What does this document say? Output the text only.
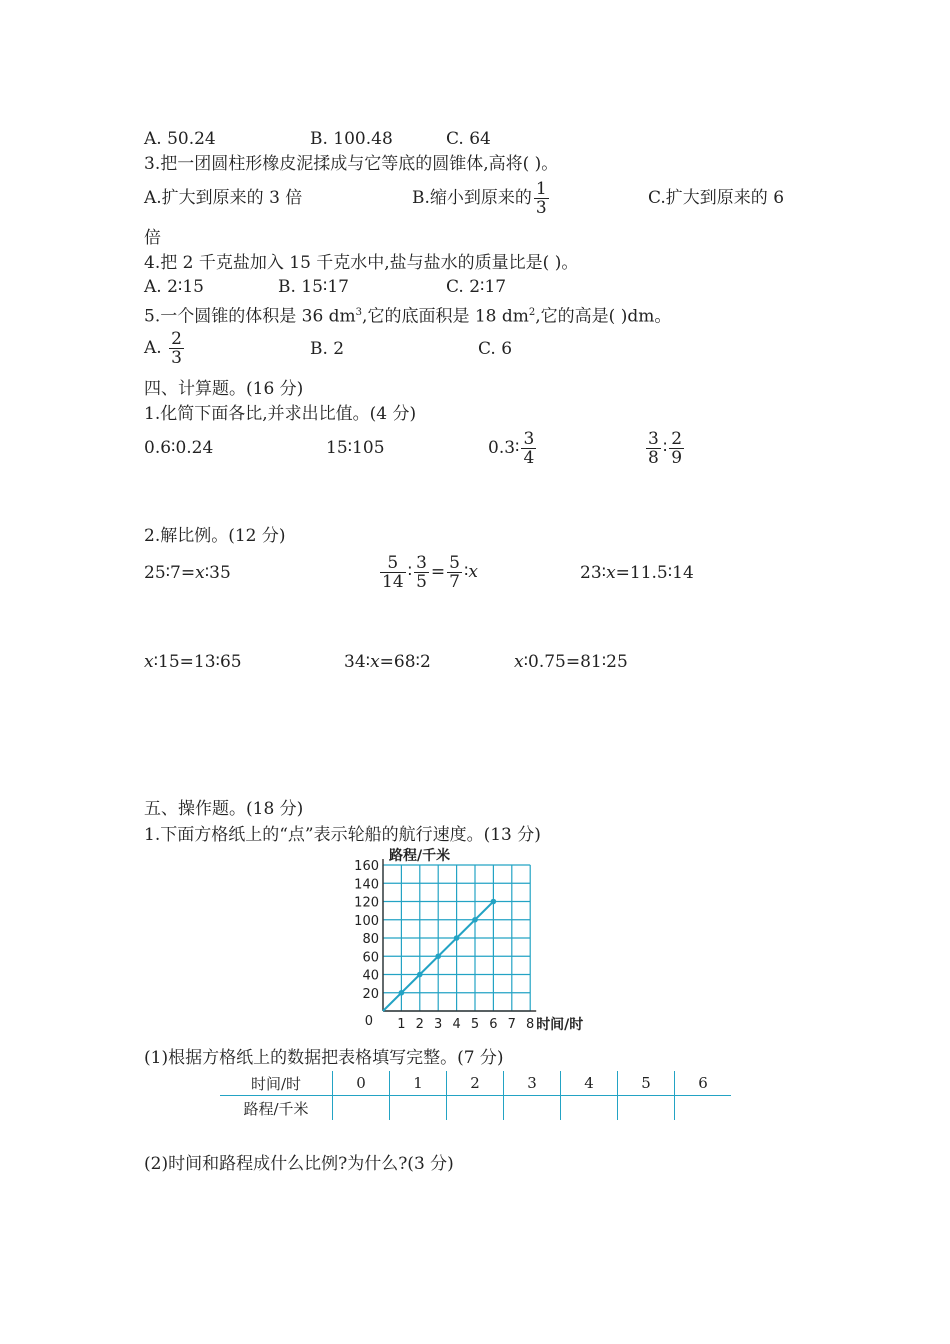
A. 50.24	B. 100.48	C. 64
3.把一团圆柱形橡皮泥揉成与它等底的圆锥体,高将( )。
A.扩大到原来的 3 倍	B.缩小到原来的 $\frac{1}{3}$	C.扩大到原来的 6
倍
4.把 2 千克盐加入 15 千克水中,盐与盐水的质量比是( )。
A. 2∶15	B. 15∶17	C. 2∶17
5.一个圆锥的体积是 36 $dm^3$,它的底面积是 18 $dm^2$,它的高是( )dm。
A. $\frac{2}{3}$	B. 2	C. 6
四、计算题。(16 分)
1.化简下面各比,并求出比值。(4 分)
0.6∶0.24	15∶105	0.3∶ $\frac{3}{4}$	$\frac{3}{8}$ ∶ $\frac{2}{9}$
2.解比例。(12 分)
25∶7=x∶35	$\frac{5}{14}$ ∶ $\frac{3}{5} = \frac{5}{7}$ ∶x	23∶x=11.5∶14
x∶15=13∶65	34∶x=68∶2	x∶0.75=81∶25
五、操作题。(18 分)
1.下面方格纸上的“点”表示轮船的航行速度。(13 分)
1 2 3 4 5 6 7 8
20
40
60
80
100
120
140
160
0
路程/千米
时间/时
(1)根据方格纸上的数据把表格填写完整。(7 分)
时间/时	0	1	2	3	4	5	6
路程/千米							
(2)时间和路程成什么比例?为什么?(3 分)
